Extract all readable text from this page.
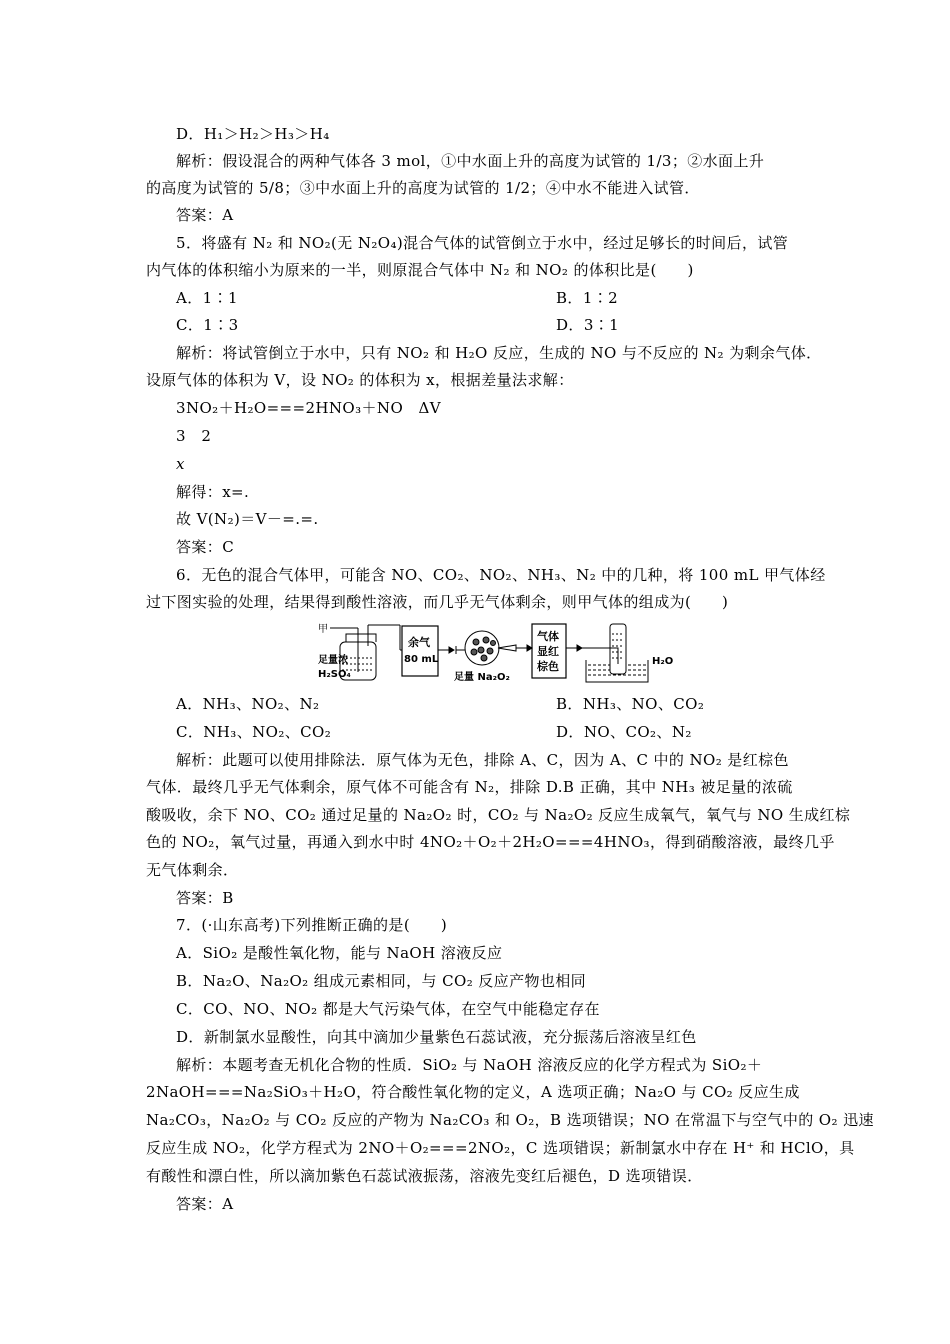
D．H₁＞H₂＞H₃＞H₄
解析：假设混合的两种气体各 3 mol，①中水面上升的高度为试管的 1/3；②水面上升
的高度为试管的 5/8；③中水面上升的高度为试管的 1/2；④中水不能进入试管．
答案：A
5．将盛有 N₂ 和 NO₂(无 N₂O₄)混合气体的试管倒立于水中，经过足够长的时间后，试管
内气体的体积缩小为原来的一半，则原混合气体中 N₂ 和 NO₂ 的体积比是(　　)
A．1∶1	B．1∶2
C．1∶3	D．3∶1
解析：将试管倒立于水中，只有 NO₂ 和 H₂O 反应，生成的 NO 与不反应的 N₂ 为剩余气体．
设原气体的体积为 V，设 NO₂ 的体积为 x，根据差量法求解：
3NO₂＋H₂O===2HNO₃＋NO　ΔV
3　2
x
解得：x=.
故 V(N₂)＝V－=.=.
答案：C
6．无色的混合气体甲，可能含 NO、CO₂、NO₂、NH₃、N₂ 中的几种，将 100 mL 甲气体经
过下图实验的处理，结果得到酸性溶液，而几乎无气体剩余，则甲气体的组成为(　　)
甲
足量浓
H₂SO₄
余气
80 mL
足量 Na₂O₂
气体
显红
棕色	H₂O
A．NH₃、NO₂、N₂	B．NH₃、NO、CO₂
C．NH₃、NO₂、CO₂	D．NO、CO₂、N₂
解析：此题可以使用排除法．原气体为无色，排除 A、C，因为 A、C 中的 NO₂ 是红棕色
气体．最终几乎无气体剩余，原气体不可能含有 N₂，排除 D.B 正确，其中 NH₃ 被足量的浓硫
酸吸收，余下 NO、CO₂ 通过足量的 Na₂O₂ 时，CO₂ 与 Na₂O₂ 反应生成氧气，氧气与 NO 生成红棕
色的 NO₂，氧气过量，再通入到水中时 4NO₂＋O₂＋2H₂O===4HNO₃，得到硝酸溶液，最终几乎
无气体剩余．
答案：B
7．(·山东高考)下列推断正确的是(　　)
A．SiO₂ 是酸性氧化物，能与 NaOH 溶液反应
B．Na₂O、Na₂O₂ 组成元素相同，与 CO₂ 反应产物也相同
C．CO、NO、NO₂ 都是大气污染气体，在空气中能稳定存在
D．新制氯水显酸性，向其中滴加少量紫色石蕊试液，充分振荡后溶液呈红色
解析：本题考查无机化合物的性质．SiO₂ 与 NaOH 溶液反应的化学方程式为 SiO₂＋
2NaOH===Na₂SiO₃＋H₂O，符合酸性氧化物的定义，A 选项正确；Na₂O 与 CO₂ 反应生成
Na₂CO₃，Na₂O₂ 与 CO₂ 反应的产物为 Na₂CO₃ 和 O₂，B 选项错误；NO 在常温下与空气中的 O₂ 迅速
反应生成 NO₂，化学方程式为 2NO＋O₂===2NO₂，C 选项错误；新制氯水中存在 H⁺ 和 HClO，具
有酸性和漂白性，所以滴加紫色石蕊试液振荡，溶液先变红后褪色，D 选项错误．
答案：A
